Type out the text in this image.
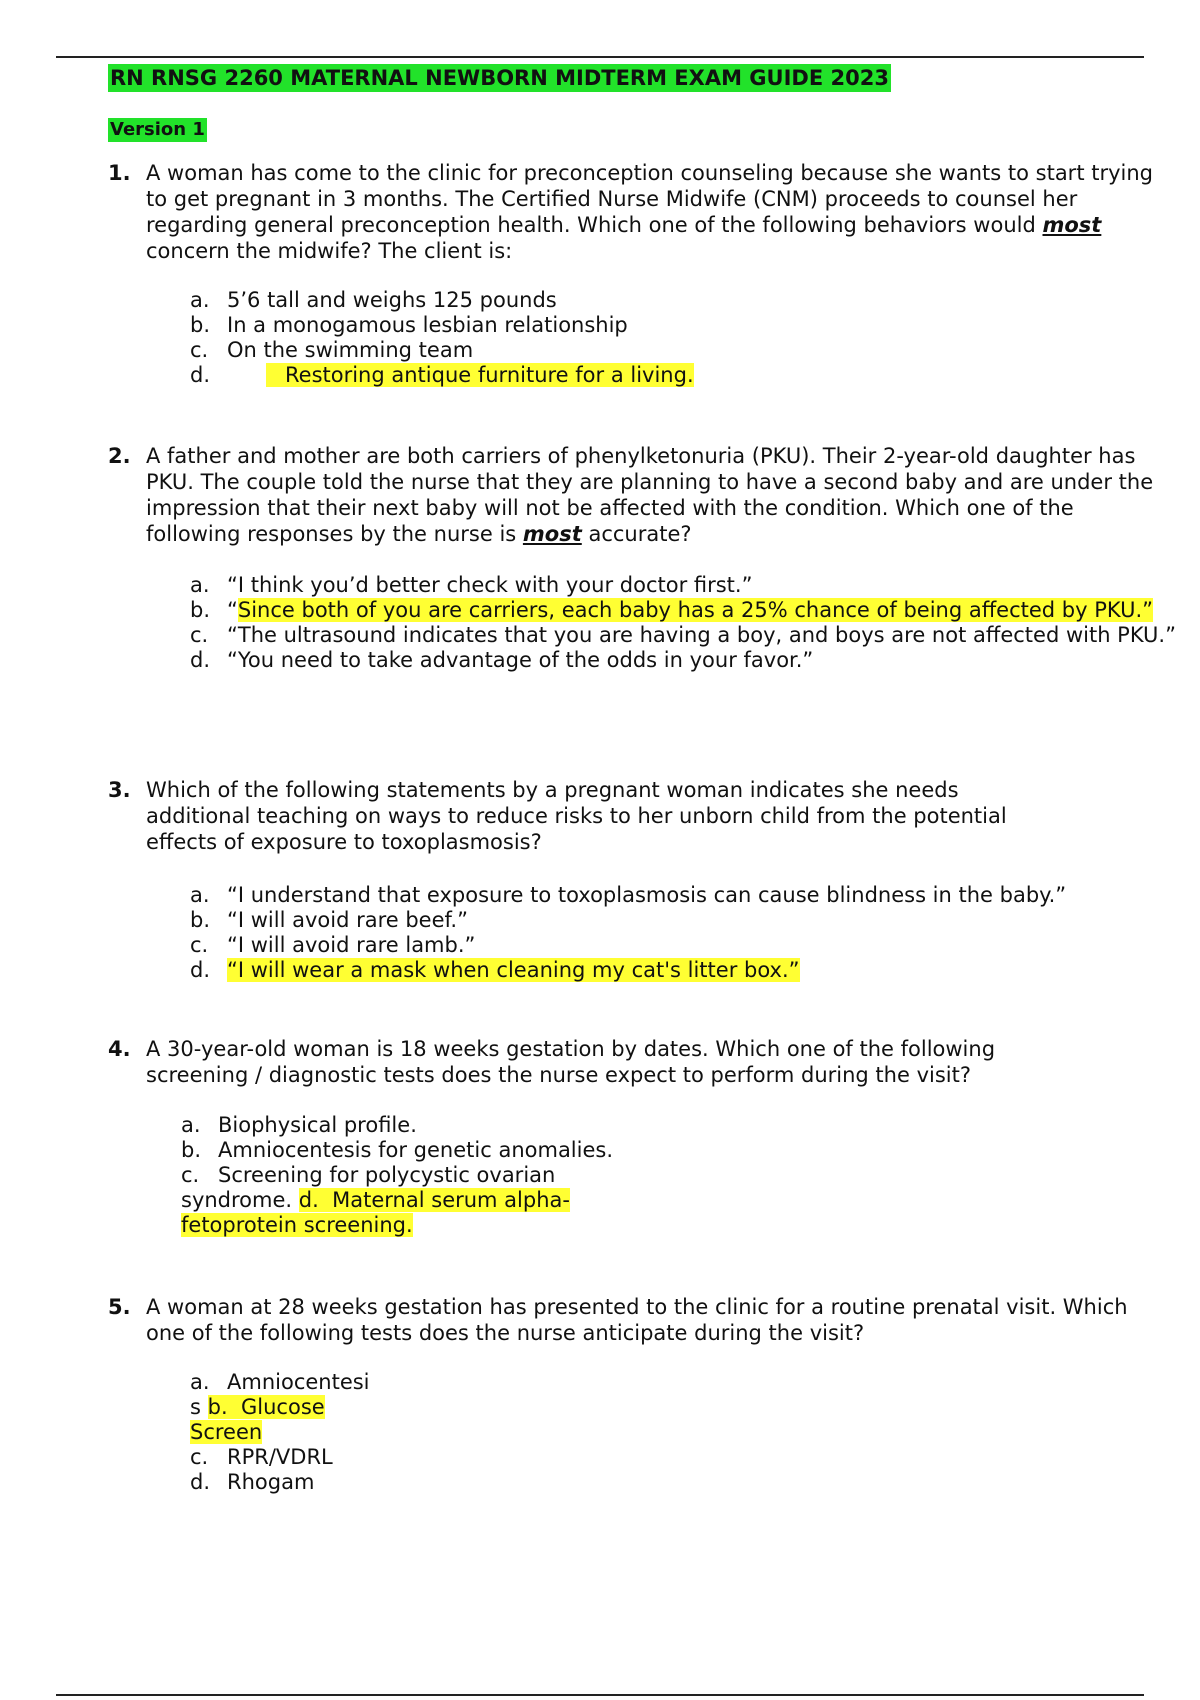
RN RNSG 2260 MATERNAL NEWBORN MIDTERM EXAM GUIDE 2023
Version 1
1. A woman has come to the clinic for preconception counseling because she wants to start trying to get pregnant in 3 months. The Certified Nurse Midwife (CNM) proceeds to counsel her regarding general preconception health. Which one of the following behaviors would most concern the midwife? The client is:
a. 5’6 tall and weighs 125 pounds
b. In a monogamous lesbian relationship
c. On the swimming team
d.	Restoring antique furniture for a living.
2. A father and mother are both carriers of phenylketonuria (PKU). Their 2-year-old daughter has PKU. The couple told the nurse that they are planning to have a second baby and are under the impression that their next baby will not be affected with the condition. Which one of the following responses by the nurse is most accurate?
a. “I think you’d better check with your doctor first.”
b. “Since both of you are carriers, each baby has a 25% chance of being affected by PKU.”
c. “The ultrasound indicates that you are having a boy, and boys are not affected with PKU.”
d. “You need to take advantage of the odds in your favor.”
3. Which of the following statements by a pregnant woman indicates she needs additional teaching on ways to reduce risks to her unborn child from the potential effects of exposure to toxoplasmosis?
a. “I understand that exposure to toxoplasmosis can cause blindness in the baby.”
b. “I will avoid rare beef.”
c. “I will avoid rare lamb.”
d. “I will wear a mask when cleaning my cat's litter box.”
4. A 30-year-old woman is 18 weeks gestation by dates. Which one of the following screening / diagnostic tests does the nurse expect to perform during the visit?
a. Biophysical profile.
b. Amniocentesis for genetic anomalies.
c. Screening for polycystic ovarian
syndrome. d. Maternal serum alpha-
fetoprotein screening.
5. A woman at 28 weeks gestation has presented to the clinic for a routine prenatal visit. Which one of the following tests does the nurse anticipate during the visit?
a. Amniocentesi
s b. Glucose
Screen
c. RPR/VDRL
d. Rhogam
